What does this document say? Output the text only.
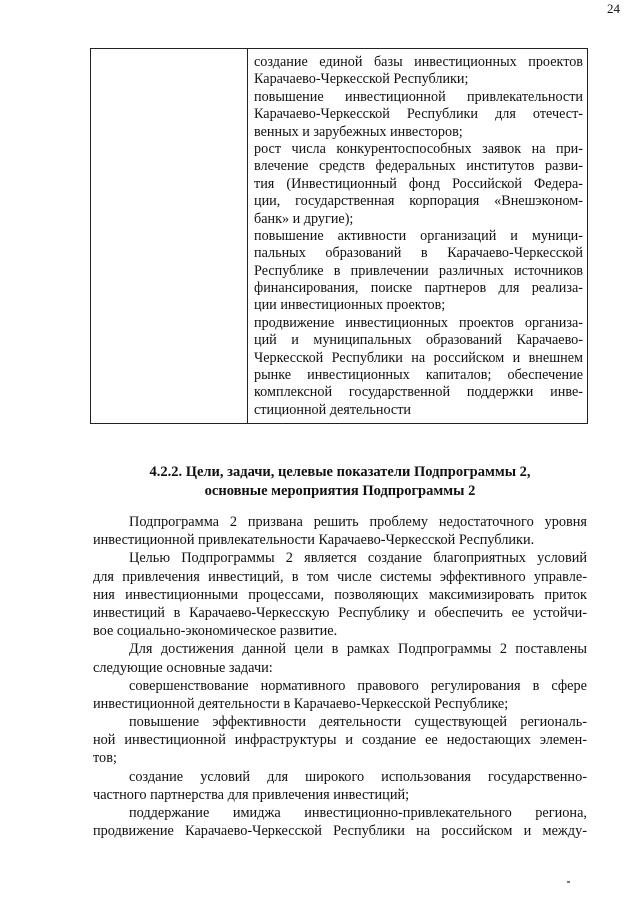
24
создание единой базы инвестиционных проектов
Карачаево-Черкесской Республики;
повышение инвестиционной привлекательности
Карачаево-Черкесской Республики для отечест-
венных и зарубежных инвесторов;
рост числа конкурентоспособных заявок на при-
влечение средств федеральных институтов разви-
тия (Инвестиционный фонд Российской Федера-
ции, государственная корпорация «Внешэконом-
банк» и другие);
повышение активности организаций и муници-
пальных образований в Карачаево-Черкесской
Республике в привлечении различных источников
финансирования, поиске партнеров для реализа-
ции инвестиционных проектов;
продвижение инвестиционных проектов организа-
ций и муниципальных образований Карачаево-
Черкесской Республики на российском и внешнем
рынке инвестиционных капиталов; обеспечение
комплексной государственной поддержки инве-
стиционной деятельности
4.2.2. Цели, задачи, целевые показатели Подпрограммы 2,
основные мероприятия Подпрограммы 2
Подпрограмма 2 призвана решить проблему недостаточного уровня
инвестиционной привлекательности Карачаево-Черкесской Республики.
Целью Подпрограммы 2 является создание благоприятных условий
для привлечения инвестиций, в том числе системы эффективного управле-
ния инвестиционными процессами, позволяющих максимизировать приток
инвестиций в Карачаево-Черкесскую Республику и обеспечить ее устойчи-
вое социально-экономическое развитие.
Для достижения данной цели в рамках Подпрограммы 2 поставлены
следующие основные задачи:
совершенствование нормативного правового регулирования в сфере
инвестиционной деятельности в Карачаево-Черкесской Республике;
повышение эффективности деятельности существующей региональ-
ной инвестиционной инфраструктуры и создание ее недостающих элемен-
тов;
создание условий для широкого использования государственно-
частного партнерства для привлечения инвестиций;
поддержание имиджа инвестиционно-привлекательного региона,
продвижение Карачаево-Черкесской Республики на российском и между-
